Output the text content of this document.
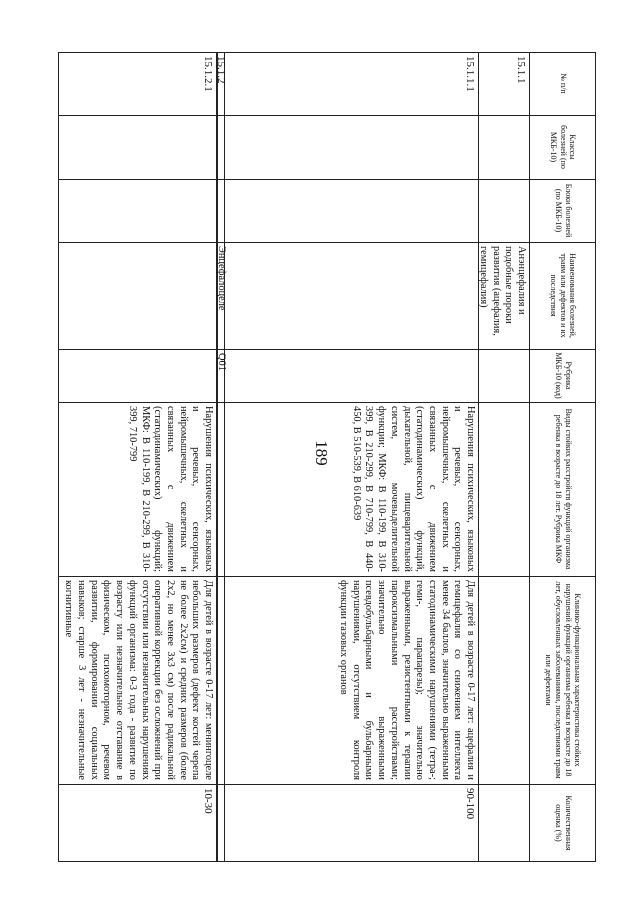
189
№ п/п
Классы болезней (по МКБ-10)
Блоки болезней (по МКБ-10)
Наименования болезней, травм или дефектов и их последствия
Рубрика МКБ-10 (код)
Виды стойких расстройств функций организма ребенка в возрасте до 18 лет. Рубрика МКФ
Клинико-функциональная характеристика стойких нарушений функций организма ребенка в возрасте до 18 лет, обусловленных заболеваниями, последствиями травм или дефектами
Количественная оценка (%)
15.1.1
Анэнцефалия и подобные пороки развития (ацефалия, гемицефалия)
15.1.1.1
Нарушения психических, языковых и речевых, сенсорных, нейромышечных, скелетных и связанных с движением (статодинамических) функций, дыхательной, пищеварительной систем, мочевыделительной функции; МКФ: В 110-199, В 310-399, В 210-299, В 710-799, В 440-450, В 510-539, В 610-639
Для детей в возрасте 0-17 лет: ацефалия и гемицефалия со снижением интеллекта менее 34 баллов, значительно выраженными статодинамическими нарушениями (тетра-; геми-, парапарезы); значительно выраженными, резистентными к терапии пароксизмальными расстройствами; значительно выраженными псевдобульбарными и бульбарными нарушениями, отсутствием контроля функции тазовых органов
90-100
15.1.2
Энцефалоцеле
Q01
15.1.2.1
Нарушения психических, языковых и речевых, сенсорных, нейромышечных, скелетных и связанных с движением (статодинамических) функций; МКФ: В 110-199, В 210-299, В 310-399, 710-799
Для детей в возрасте 0-17 лет: менингоцеле небольших размеров (дефект костей черепа не более 2х2см) и средних размеров (более 2х2, но менее 3х3 см) после радикальной оперативной коррекции без осложнений при отсутствии или незначительных нарушениях функций организма: 0-3 года - развитие по возрасту или незначительное отставание в физическом, психомоторном, речевом развитии, формировании социальных навыков; старше 3 лет - незначительные когнитивные
10-30
